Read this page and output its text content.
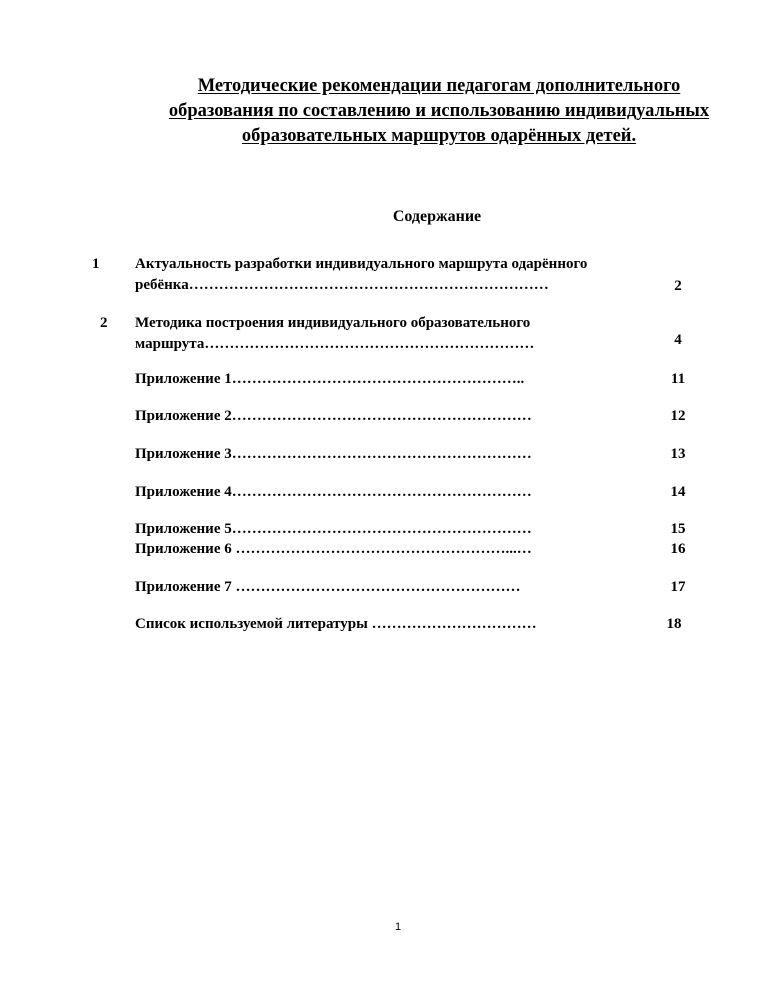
Методические рекомендации педагогам дополнительного образования по составлению и использованию индивидуальных образовательных маршрутов одарённых детей.
Содержание
1 Актуальность разработки индивидуального маршрута одарённого ребёнка………………………………………………………………	2
2 Методика построения индивидуального образовательного маршрута…………………………………………………………	4
Приложение 1…………………………………………………..	11
Приложение 2……………………………………………………	12
Приложение 3……………………………………………………	13
Приложение 4……………………………………………………	14
Приложение 5……………………………………………………	15
Приложение 6 ………………………………………………...…	16
Приложение 7 …………………………………………………	17
Список используемой литературы ……………………………	18
1
